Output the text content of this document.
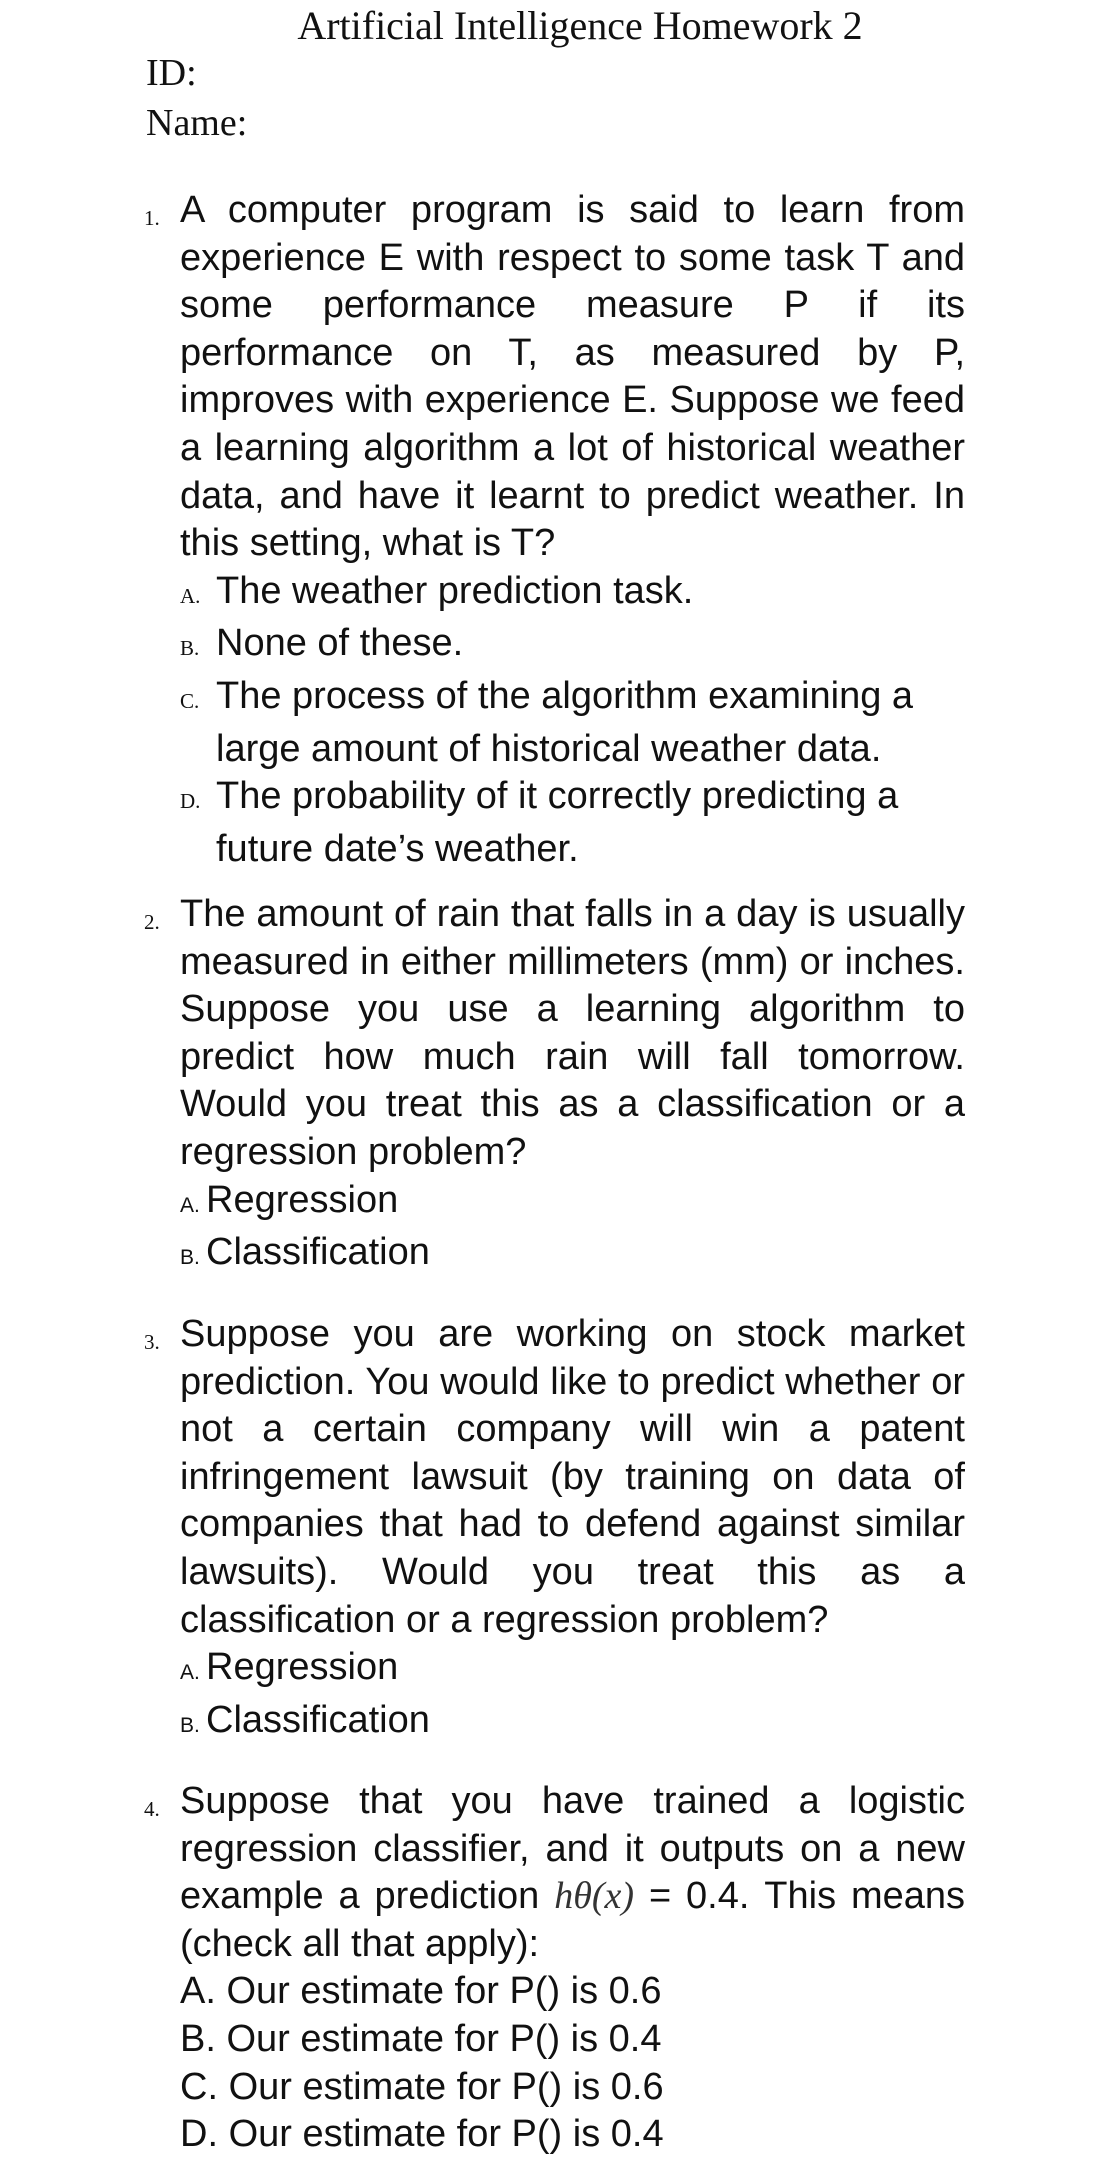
Artificial Intelligence Homework 2
ID:
Name:
1. A computer program is said to learn from experience E with respect to some task T and some performance measure P if its performance on T, as measured by P, improves with experience E. Suppose we feed a learning algorithm a lot of historical weather data, and have it learnt to predict weather. In this setting, what is T?
A. The weather prediction task.
B. None of these.
C. The process of the algorithm examining a large amount of historical weather data.
D. The probability of it correctly predicting a future date’s weather.
2. The amount of rain that falls in a day is usually measured in either millimeters (mm) or inches. Suppose you use a learning algorithm to predict how much rain will fall tomorrow. Would you treat this as a classification or a regression problem?
A. Regression
B. Classification
3. Suppose you are working on stock market prediction. You would like to predict whether or not a certain company will win a patent infringement lawsuit (by training on data of companies that had to defend against similar lawsuits). Would you treat this as a classification or a regression problem?
A. Regression
B. Classification
4. Suppose that you have trained a logistic regression classifier, and it outputs on a new example a prediction hθ(x) = 0.4. This means (check all that apply):
A. Our estimate for P() is 0.6
B. Our estimate for P() is 0.4
C. Our estimate for P() is 0.6
D. Our estimate for P() is 0.4
